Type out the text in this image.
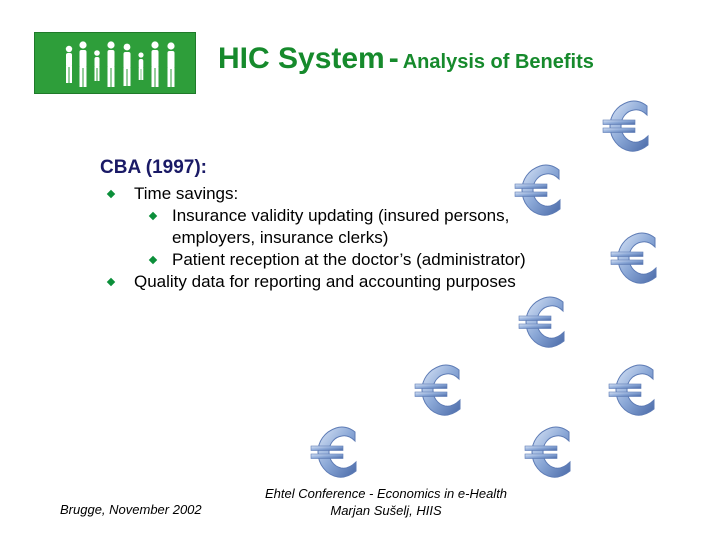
HIC System - Analysis of Benefits
CBA (1997):
Time savings:
Insurance validity updating (insured persons,
employers, insurance clerks)
Patient reception at the doctor’s (administrator)
Quality data for reporting and accounting purposes
Brugge, November 2002
Ehtel Conference - Economics in e-Health
Marjan Sušelj, HIIS
